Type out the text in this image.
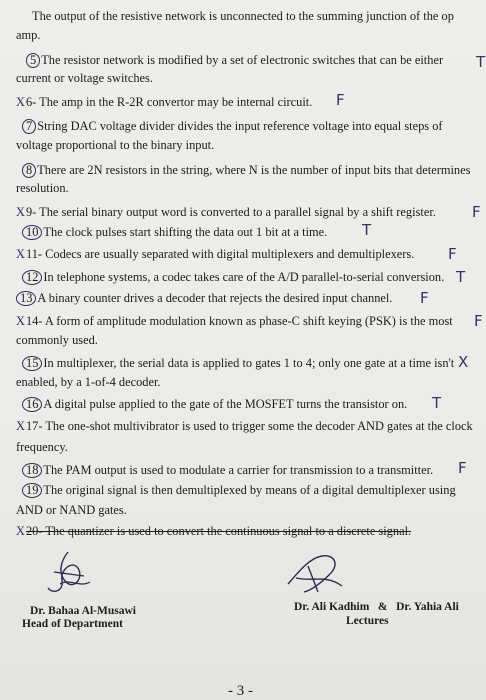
The output of the resistive network is unconnected to the summing junction of the op
amp.
5 The resistor network is modified by a set of electronic switches that can be either
current or voltage switches.
X6- The amp in the R-2R convertor may be internal circuit.
7 String DAC voltage divider divides the input reference voltage into equal steps of
voltage proportional to the binary input.
8 There are 2N resistors in the string, where N is the number of input bits that determines
resolution.
X9- The serial binary output word is converted to a parallel signal by a shift register.
10 The clock pulses start shifting the data out 1 bit at a time.
X11- Codecs are usually separated with digital multiplexers and demultiplexers.
12 In telephone systems, a codec takes care of the A/D parallel-to-serial conversion.
13 A binary counter drives a decoder that rejects the desired input channel.
X14- A form of amplitude modulation known as phase-C shift keying (PSK) is the most
commonly used.
15 In multiplexer, the serial data is applied to gates 1 to 4; only one gate at a time isn't
enabled, by a 1-of-4 decoder.
16 A digital pulse applied to the gate of the MOSFET turns the transistor on.
X17- The one-shot multivibrator is used to trigger some the decoder AND gates at the clock
frequency.
18 The PAM output is used to modulate a carrier for transmission to a transmitter.
19 The original signal is then demultiplexed by means of a digital demultiplexer using
AND or NAND gates.
X20- The quantizer is used to convert the continuous signal to a discrete signal.
T
F
F
T
F
T
F
F
X
T
F
Dr. Bahaa Al-Musawi
Head of Department
Dr. Ali Kadhim   &   Dr. Yahia Ali
Lectures
- 3 -
